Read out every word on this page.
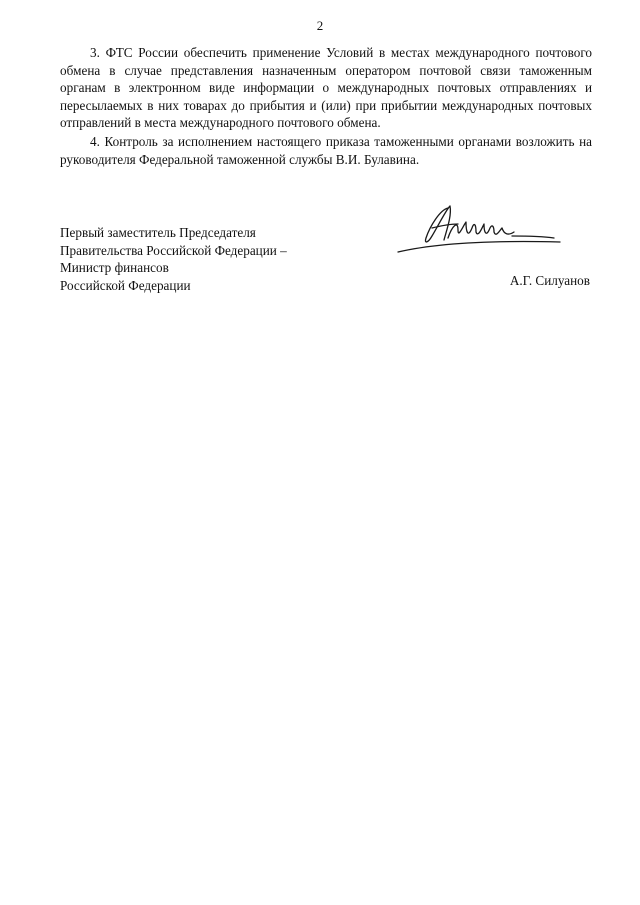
2

3. ФТС России обеспечить применение Условий в местах международного почтового обмена в случае представления назначенным оператором почтовой связи таможенным органам в электронном виде информации о международных почтовых отправлениях и пересылаемых в них товарах до прибытия и (или) при прибытии международных почтовых отправлений в места международного почтового обмена.

4. Контроль за исполнением настоящего приказа таможенными органами возложить на руководителя Федеральной таможенной службы В.И. Булавина.

Первый заместитель Председателя
Правительства Российской Федерации –
Министр финансов
Российской Федерации	А.Г. Силуанов
